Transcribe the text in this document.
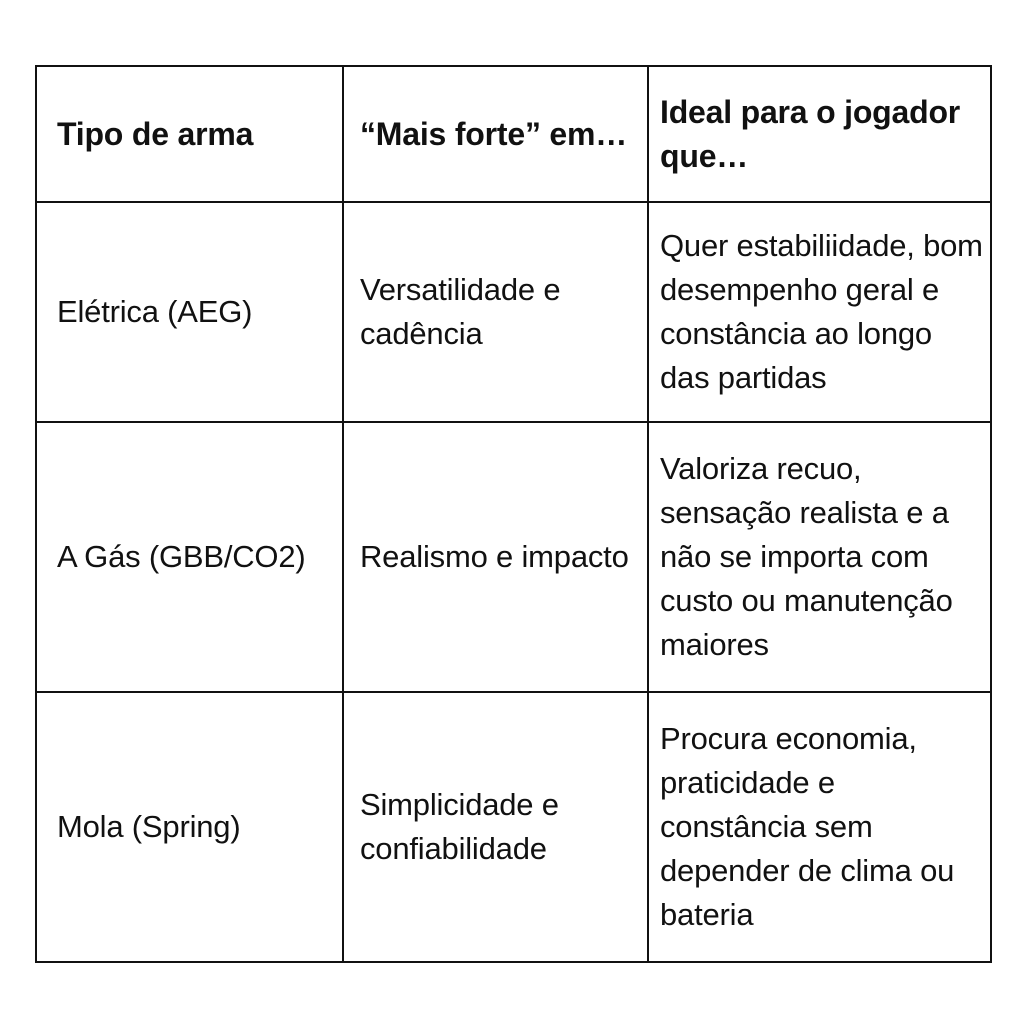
Tipo de arma	“Mais forte” em…	Ideal para o jogador que…

Elétrica (AEG)	Versatilidade e cadência	Quer estabiliidade, bom desempenho geral e constância ao longo das partidas

A Gás (GBB/CO2)	Realismo e impacto	Valoriza recuo, sensação realista e a não se importa com custo ou manutenção maiores

Mola (Spring)	Simplicidade e confiabilidade	Procura economia, praticidade e constância sem depender de clima ou bateria
